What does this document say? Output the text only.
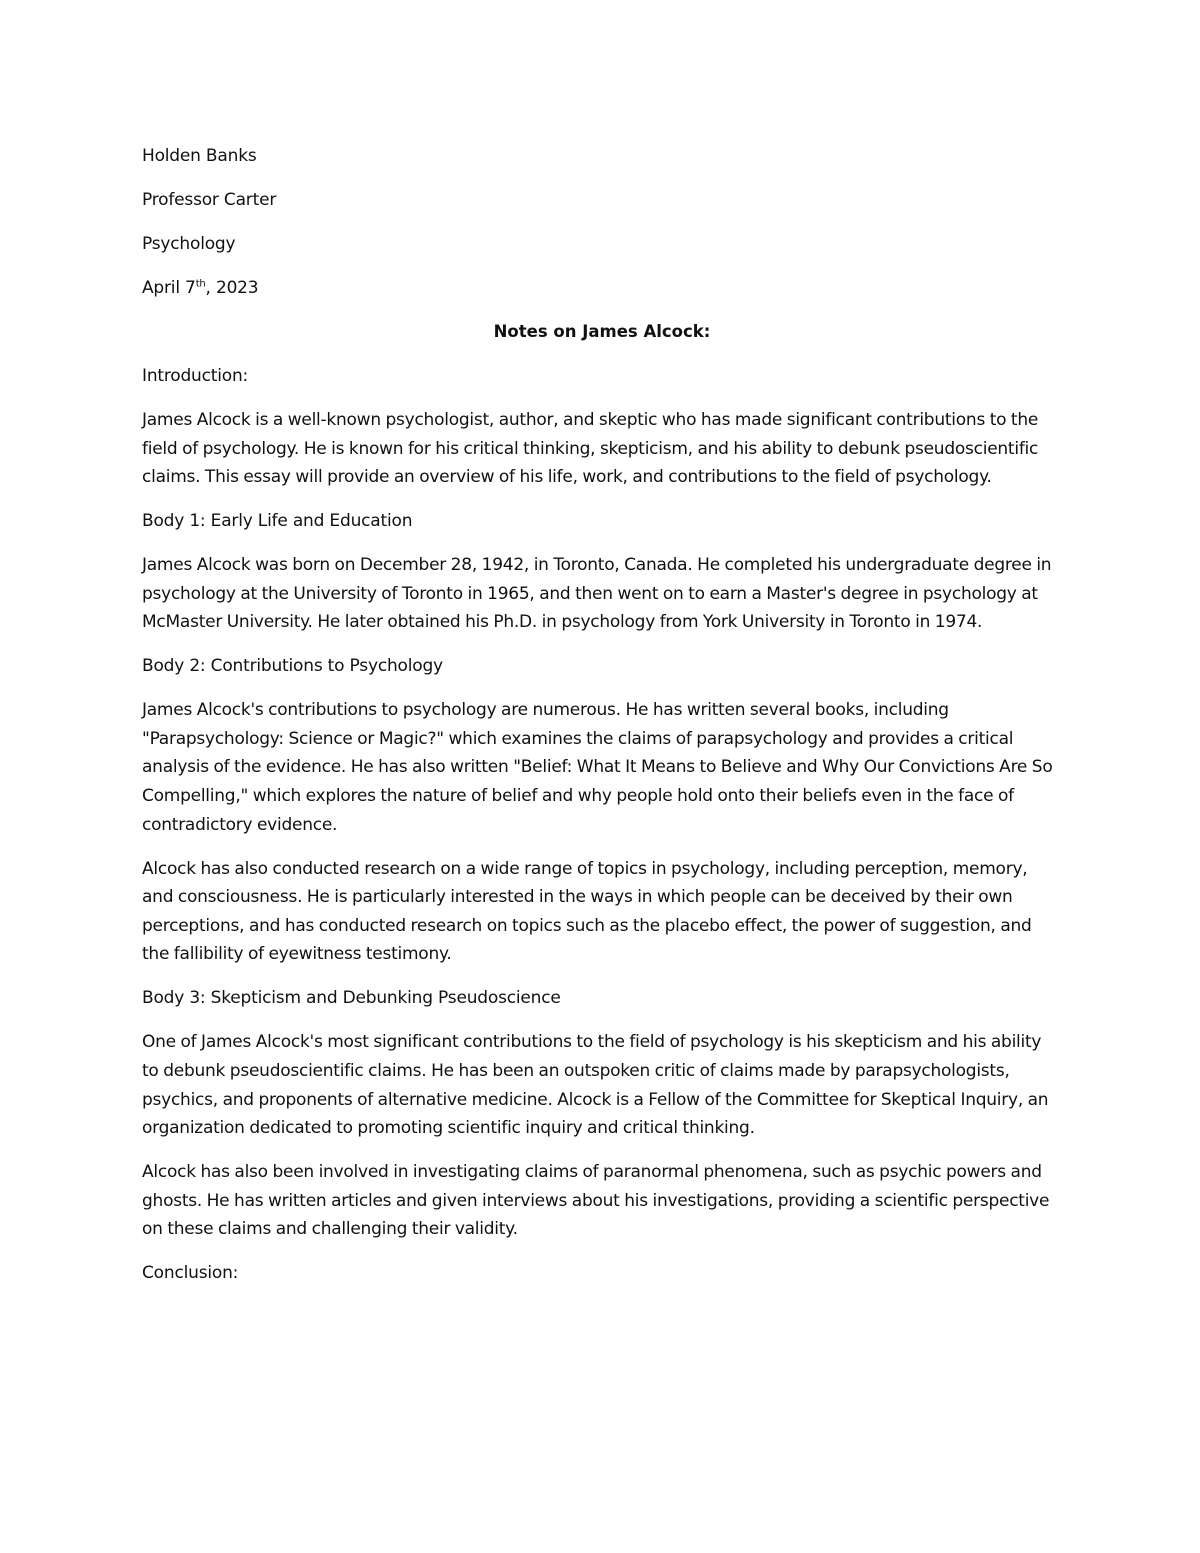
Holden Banks
Professor Carter
Psychology
April 7th, 2023
Notes on James Alcock:
Introduction:

James Alcock is a well-known psychologist, author, and skeptic who has made significant contributions to the field of psychology. He is known for his critical thinking, skepticism, and his ability to debunk pseudoscientific claims. This essay will provide an overview of his life, work, and contributions to the field of psychology.

Body 1: Early Life and Education

James Alcock was born on December 28, 1942, in Toronto, Canada. He completed his undergraduate degree in psychology at the University of Toronto in 1965, and then went on to earn a Master's degree in psychology at McMaster University. He later obtained his Ph.D. in psychology from York University in Toronto in 1974.

Body 2: Contributions to Psychology

James Alcock's contributions to psychology are numerous. He has written several books, including "Parapsychology: Science or Magic?" which examines the claims of parapsychology and provides a critical analysis of the evidence. He has also written "Belief: What It Means to Believe and Why Our Convictions Are So Compelling," which explores the nature of belief and why people hold onto their beliefs even in the face of contradictory evidence.

Alcock has also conducted research on a wide range of topics in psychology, including perception, memory, and consciousness. He is particularly interested in the ways in which people can be deceived by their own perceptions, and has conducted research on topics such as the placebo effect, the power of suggestion, and the fallibility of eyewitness testimony.

Body 3: Skepticism and Debunking Pseudoscience

One of James Alcock's most significant contributions to the field of psychology is his skepticism and his ability to debunk pseudoscientific claims. He has been an outspoken critic of claims made by parapsychologists, psychics, and proponents of alternative medicine. Alcock is a Fellow of the Committee for Skeptical Inquiry, an organization dedicated to promoting scientific inquiry and critical thinking.

Alcock has also been involved in investigating claims of paranormal phenomena, such as psychic powers and ghosts. He has written articles and given interviews about his investigations, providing a scientific perspective on these claims and challenging their validity.

Conclusion:
